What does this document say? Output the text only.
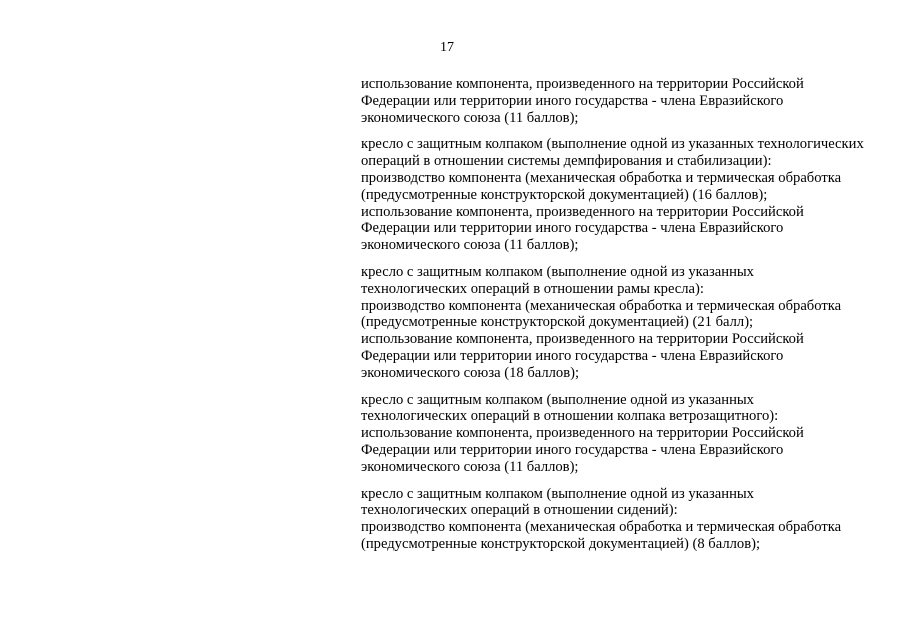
17
использование компонента, произведенного на территории Российской
Федерации или территории иного государства - члена Евразийского
экономического союза (11 баллов);
кресло с защитным колпаком (выполнение одной из указанных технологических
операций в отношении системы демпфирования и стабилизации):
производство компонента (механическая обработка и термическая обработка
(предусмотренные конструкторской документацией) (16 баллов);
использование компонента, произведенного на территории Российской
Федерации или территории иного государства - члена Евразийского
экономического союза (11 баллов);
кресло с защитным колпаком (выполнение одной из указанных
технологических операций в отношении рамы кресла):
производство компонента (механическая обработка и термическая обработка
(предусмотренные конструкторской документацией) (21 балл);
использование компонента, произведенного на территории Российской
Федерации или территории иного государства - члена Евразийского
экономического союза (18 баллов);
кресло с защитным колпаком (выполнение одной из указанных
технологических операций в отношении колпака ветрозащитного):
использование компонента, произведенного на территории Российской
Федерации или территории иного государства - члена Евразийского
экономического союза (11 баллов);
кресло с защитным колпаком (выполнение одной из указанных
технологических операций в отношении сидений):
производство компонента (механическая обработка и термическая обработка
(предусмотренные конструкторской документацией) (8 баллов);
